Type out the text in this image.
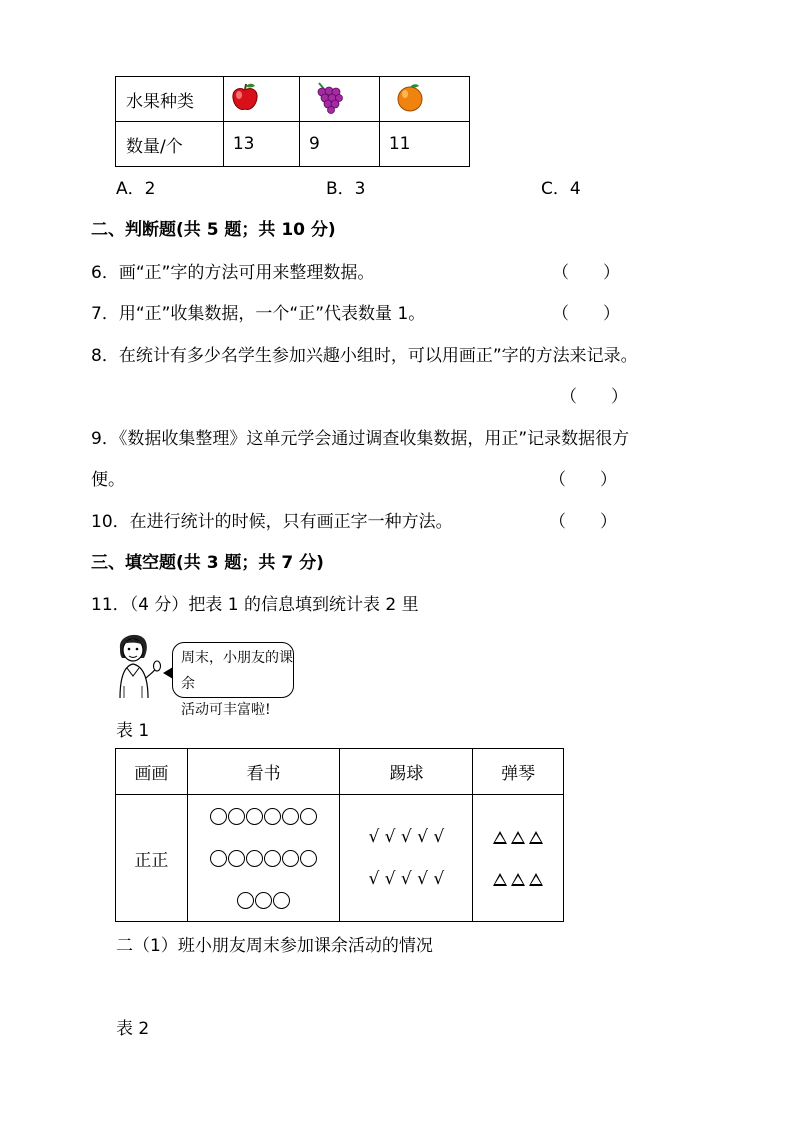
水果种类			
数量/个	13	9	11
A．2	B．3	C．4
二、判断题(共 5 题；共 10 分)
6．画“正”字的方法可用来整理数据。	（　　）
7．用“正”收集数据，一个“正”代表数量 1。	（　　）
8．在统计有多少名学生参加兴趣小组时，可以用画正”字的方法来记录。
（　　）
9．《数据收集整理》这单元学会通过调查收集数据，用正”记录数据很方
便。	（　　）
10．在进行统计的时候，只有画正字一种方法。	（　　）
三、填空题(共 3 题；共 7 分)
11．（4 分）把表 1 的信息填到统计表 2 里
周末，小朋友的课余
活动可丰富啦!
表 1
画画	看书	踢球	弹琴
正正		√ √ √ √ √
√ √ √ √ √	

二（1）班小朋友周末参加课余活动的情况
表 2
